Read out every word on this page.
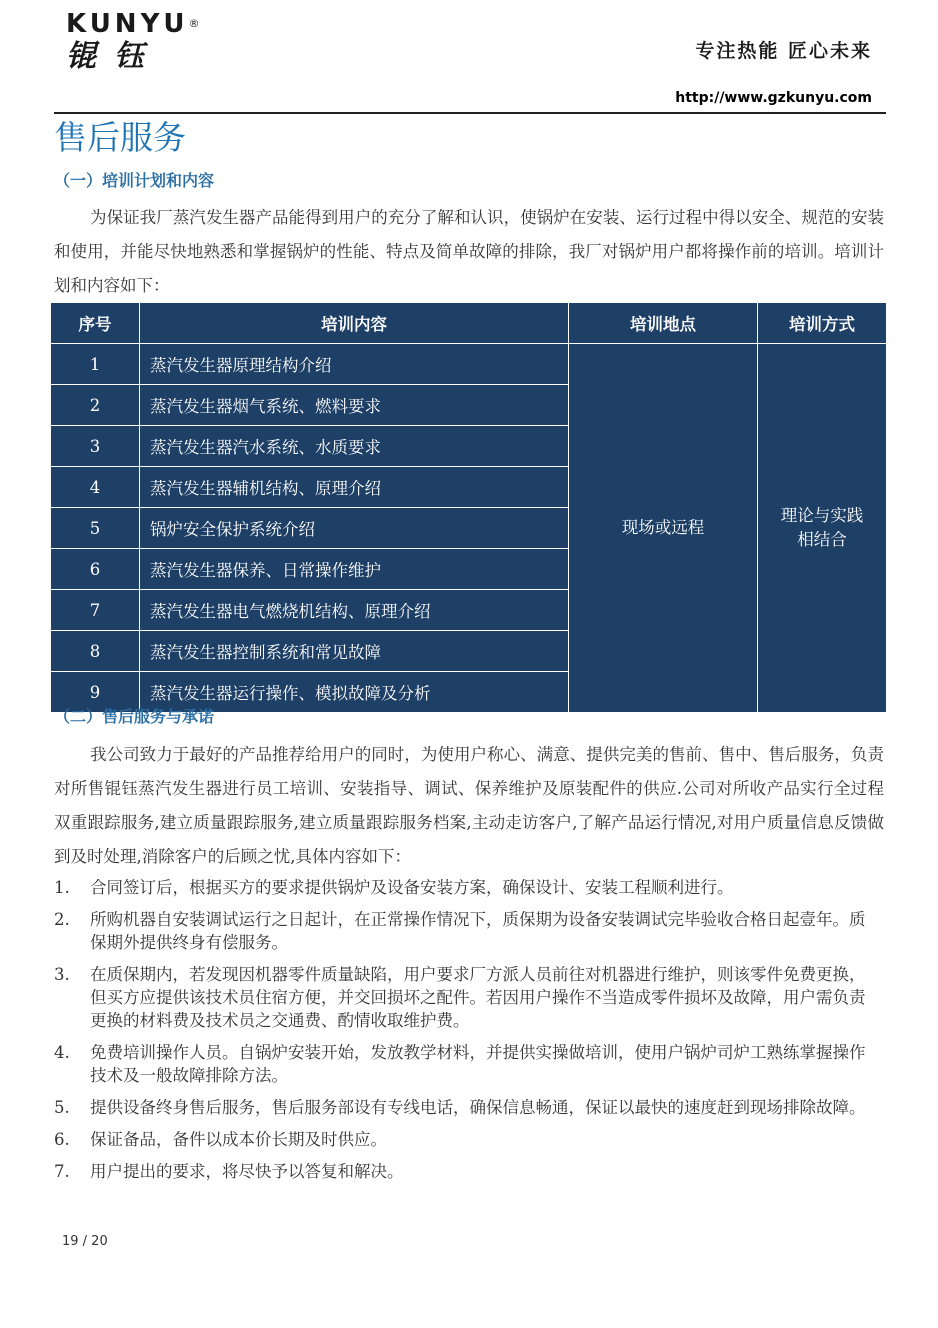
KUNYU®
锟钰	专注热能 匠心未来
http://www.gzkunyu.com
售后服务
（一）培训计划和内容

为保证我厂蒸汽发生器产品能得到用户的充分了解和认识，使锅炉在安装、运行过程中得以安全、规范的安装和使用，并能尽快地熟悉和掌握锅炉的性能、特点及简单故障的排除，我厂对锅炉用户都将操作前的培训。培训计划和内容如下：

序号	培训内容	培训地点	培训方式
1	蒸汽发生器原理结构介绍	现场或远程	理论与实践
相结合
2	蒸汽发生器烟气系统、燃料要求		
3	蒸汽发生器汽水系统、水质要求		
4	蒸汽发生器辅机结构、原理介绍		
5	锅炉安全保护系统介绍		
6	蒸汽发生器保养、日常操作维护		
7	蒸汽发生器电气燃烧机结构、原理介绍		
8	蒸汽发生器控制系统和常见故障		
9	蒸汽发生器运行操作、模拟故障及分析		
（二）售后服务与承诺

我公司致力于最好的产品推荐给用户的同时，为使用户称心、满意、提供完美的售前、售中、售后服务，负责对所售锟钰蒸汽发生器进行员工培训、安装指导、调试、保养维护及原装配件的供应.公司对所收产品实行全过程双重跟踪服务,建立质量跟踪服务,建立质量跟踪服务档案,主动走访客户,了解产品运行情况,对用户质量信息反馈做到及时处理,消除客户的后顾之忧,具体内容如下：

1. 合同签订后，根据买方的要求提供锅炉及设备安装方案，确保设计、安装工程顺利进行。
2. 所购机器自安装调试运行之日起计，在正常操作情况下，质保期为设备安装调试完毕验收合格日起壹年。质保期外提供终身有偿服务。
3. 在质保期内，若发现因机器零件质量缺陷，用户要求厂方派人员前往对机器进行维护，则该零件免费更换，但买方应提供该技术员住宿方便，并交回损坏之配件。若因用户操作不当造成零件损坏及故障，用户需负责更换的材料费及技术员之交通费、酌情收取维护费。
4. 免费培训操作人员。自锅炉安装开始，发放教学材料，并提供实操做培训，使用户锅炉司炉工熟练掌握操作技术及一般故障排除方法。
5. 提供设备终身售后服务，售后服务部设有专线电话，确保信息畅通，保证以最快的速度赶到现场排除故障。
6. 保证备品，备件以成本价长期及时供应。
7. 用户提出的要求，将尽快予以答复和解决。
19 / 20
